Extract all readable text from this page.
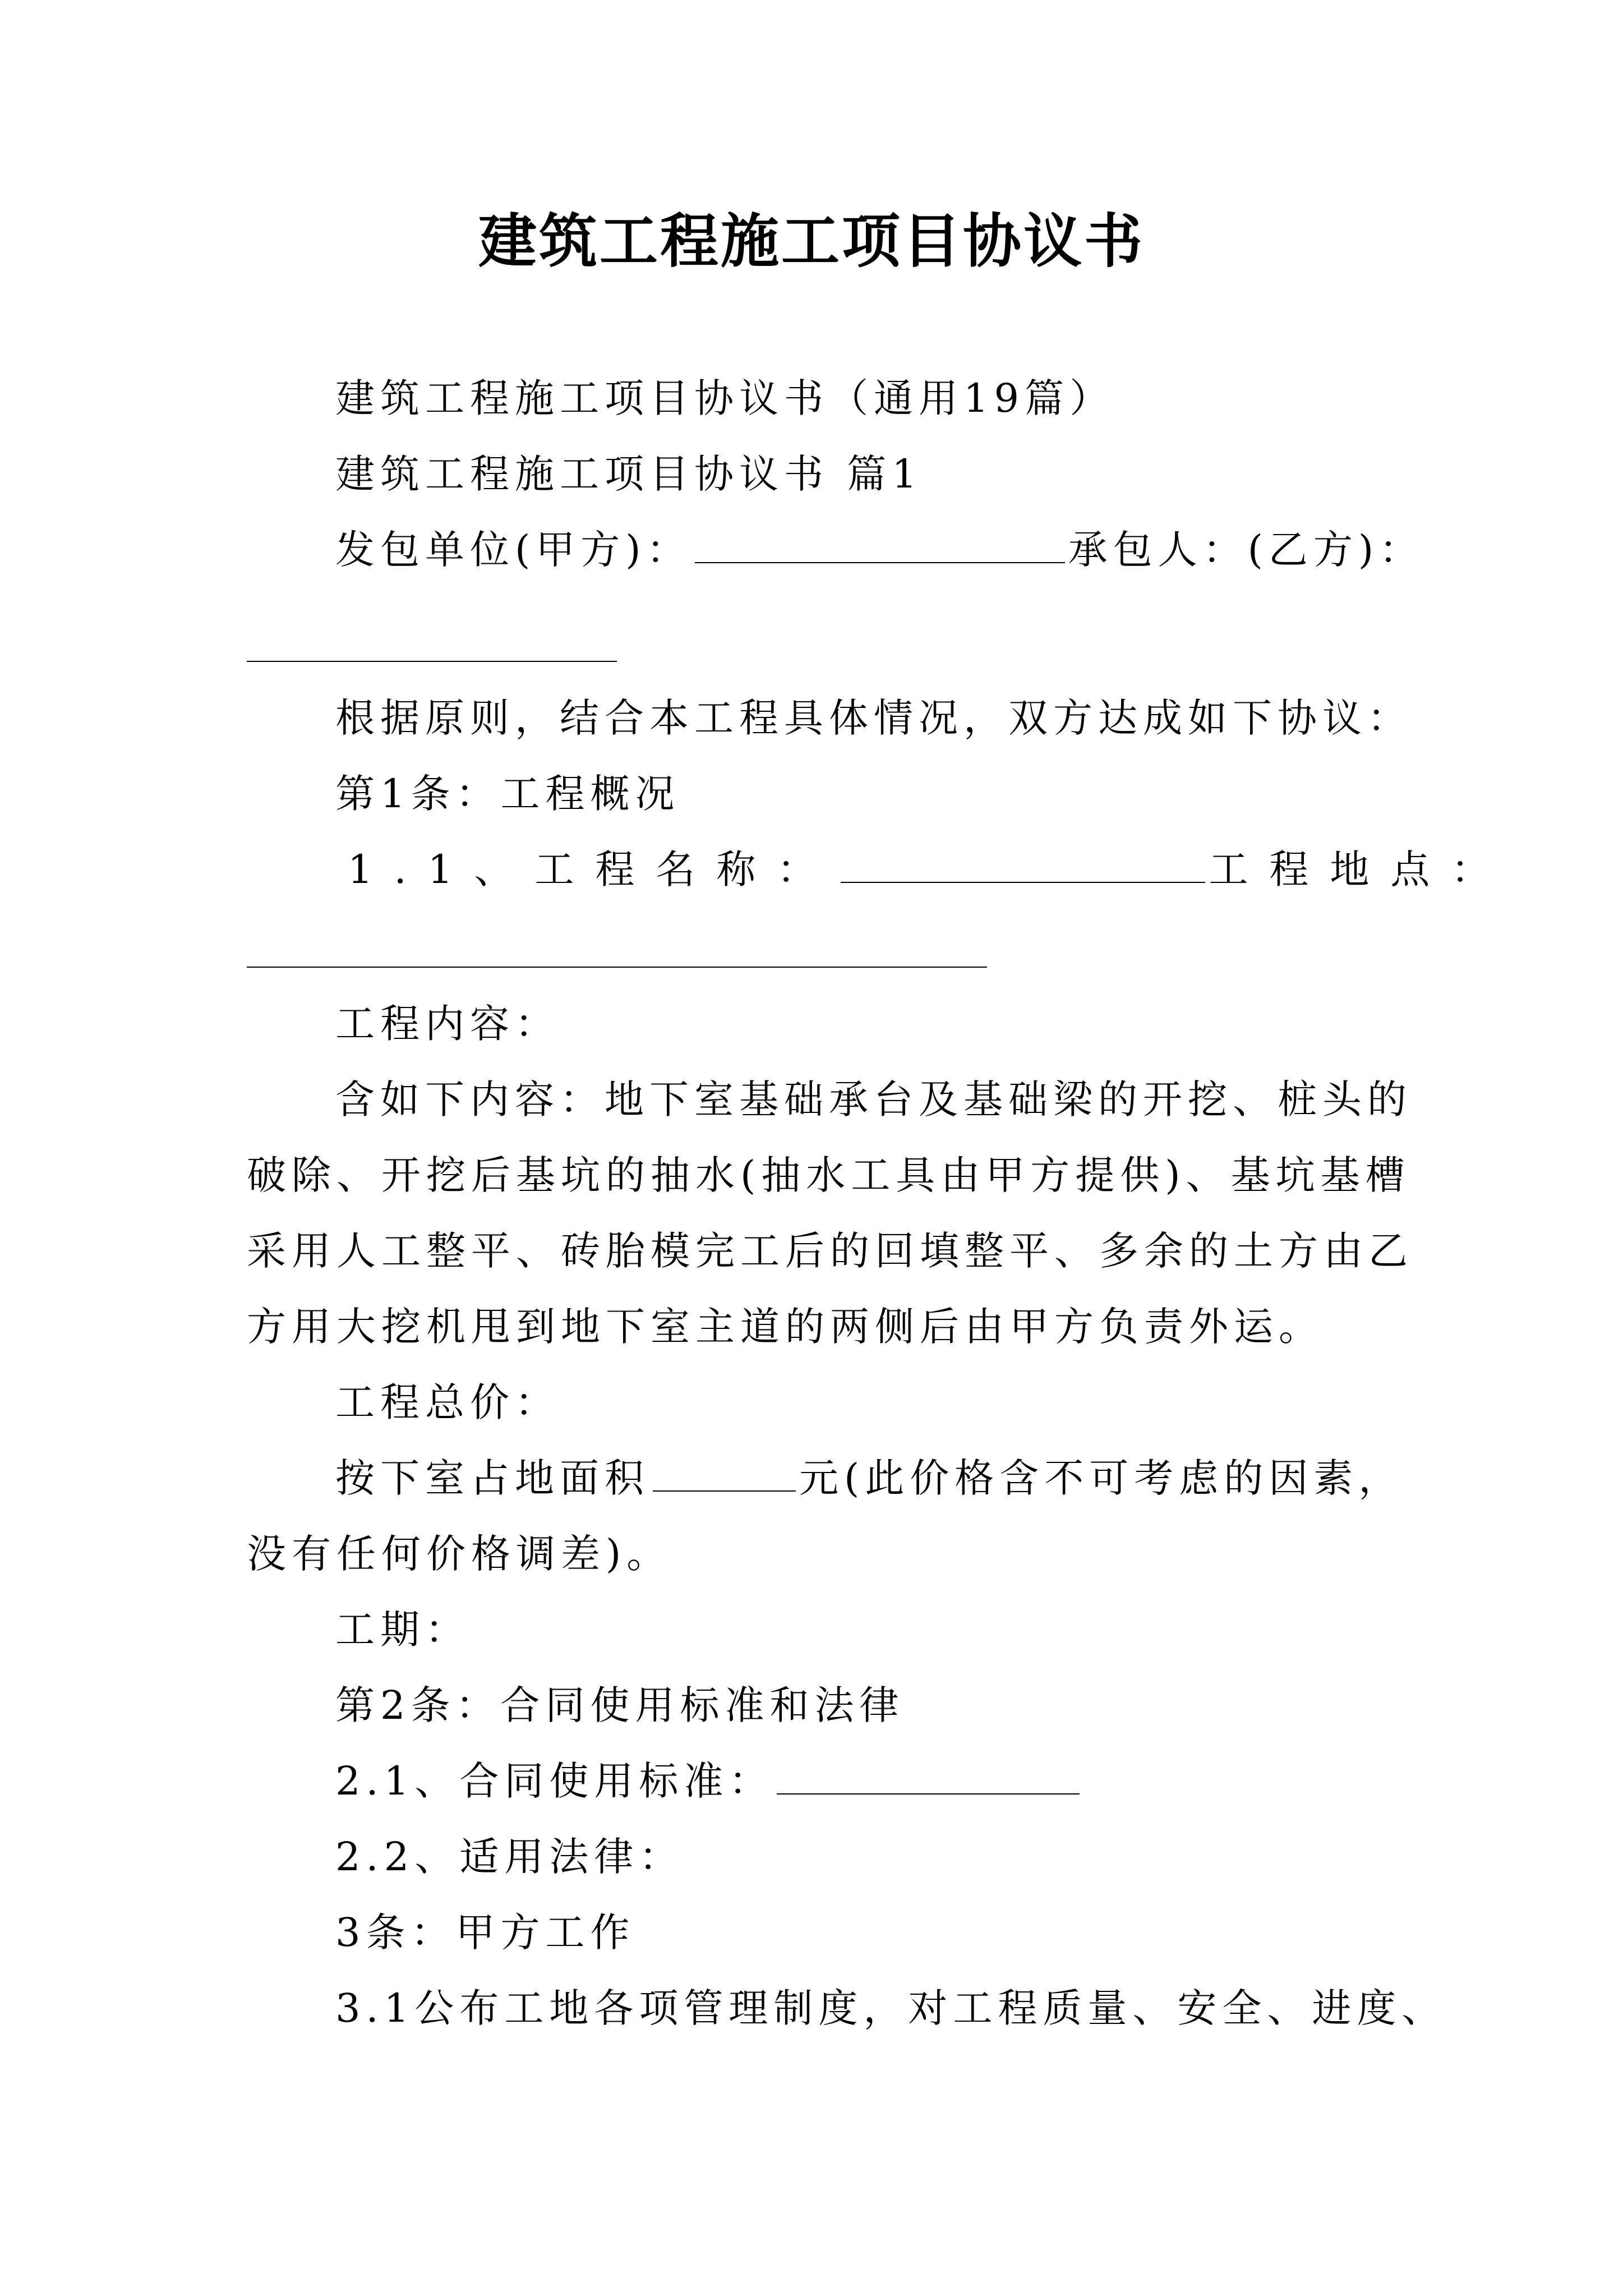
建筑工程施工项目协议书
建筑工程施工项目协议书（通用19篇）
建筑工程施工项目协议书 篇1
发包单位(甲方)：	承包人：(乙方)：
根据原则，结合本工程具体情况，双方达成如下协议：
第1条：工程概况
1.1、工程名称：	工程地点：
工程内容：
含如下内容：地下室基础承台及基础梁的开挖、桩头的
破除、开挖后基坑的抽水(抽水工具由甲方提供)、基坑基槽
采用人工整平、砖胎模完工后的回填整平、多余的土方由乙
方用大挖机甩到地下室主道的两侧后由甲方负责外运。
工程总价：
按下室占地面积	元(此价格含不可考虑的因素，
没有任何价格调差)。
工期：
第2条：合同使用标准和法律
2.1、合同使用标准：
2.2、适用法律：
3条：甲方工作
3.1公布工地各项管理制度，对工程质量、安全、进度、
